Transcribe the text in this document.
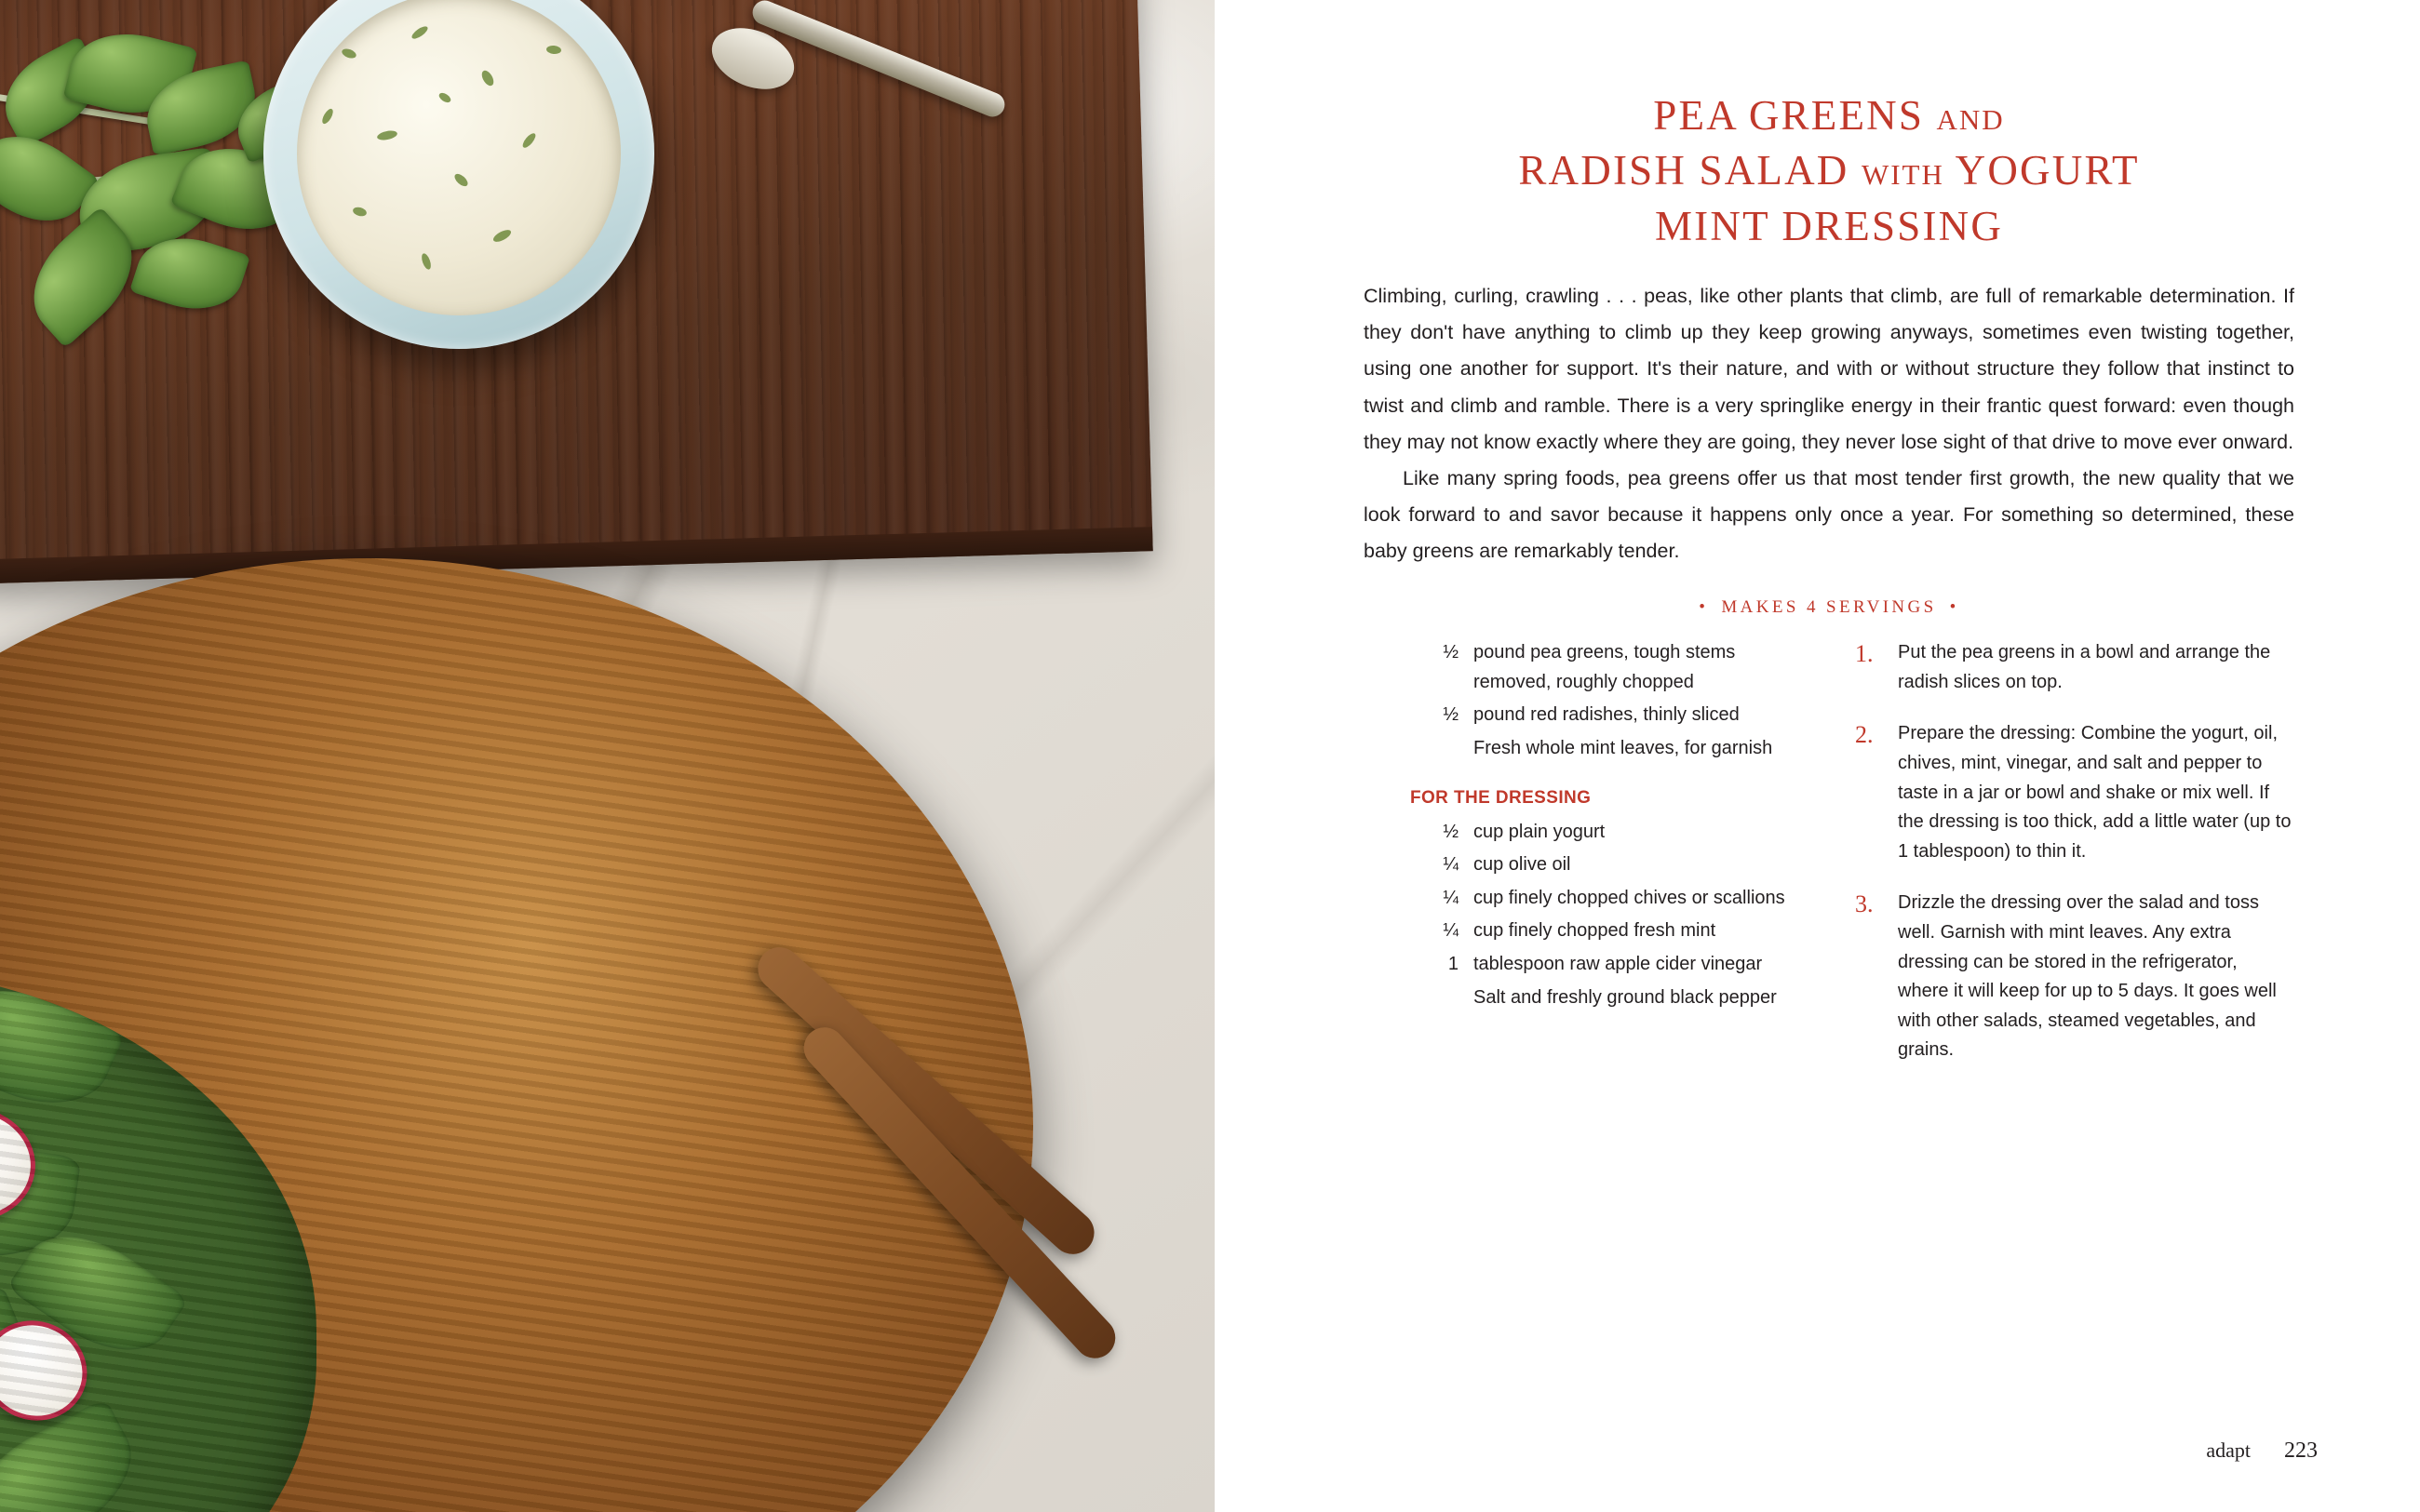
PEA GREENS AND
RADISH SALAD WITH YOGURT
MINT DRESSING

Climbing, curling, crawling . . . peas, like other plants that climb, are full of remarkable determination. If they don't have anything to climb up they keep growing anyways, sometimes even twisting together, using one another for support. It's their nature, and with or without structure they follow that instinct to twist and climb and ramble. There is a very springlike energy in their frantic quest forward: even though they may not know exactly where they are going, they never lose sight of that drive to move ever onward.

Like many spring foods, pea greens offer us that most tender first growth, the new quality that we look forward to and savor because it happens only once a year. For something so determined, these baby greens are remarkably tender.

• MAKES 4 SERVINGS •
½ pound pea greens, tough stems removed, roughly chopped
½ pound red radishes, thinly sliced
Fresh whole mint leaves, for garnish
FOR THE DRESSING
½ cup plain yogurt
¼ cup olive oil
¼ cup finely chopped chives or scallions
¼ cup finely chopped fresh mint
1 tablespoon raw apple cider vinegar
Salt and freshly ground black pepper
1.	Put the pea greens in a bowl and arrange the radish slices on top.
2.	Prepare the dressing: Combine the yogurt, oil, chives, mint, vinegar, and salt and pepper to taste in a jar or bowl and shake or mix well. If the dressing is too thick, add a little water (up to 1 tablespoon) to thin it.
3.	Drizzle the dressing over the salad and toss well. Garnish with mint leaves. Any extra dressing can be stored in the refrigerator, where it will keep for up to 5 days. It goes well with other salads, steamed vegetables, and grains.
adapt 223
